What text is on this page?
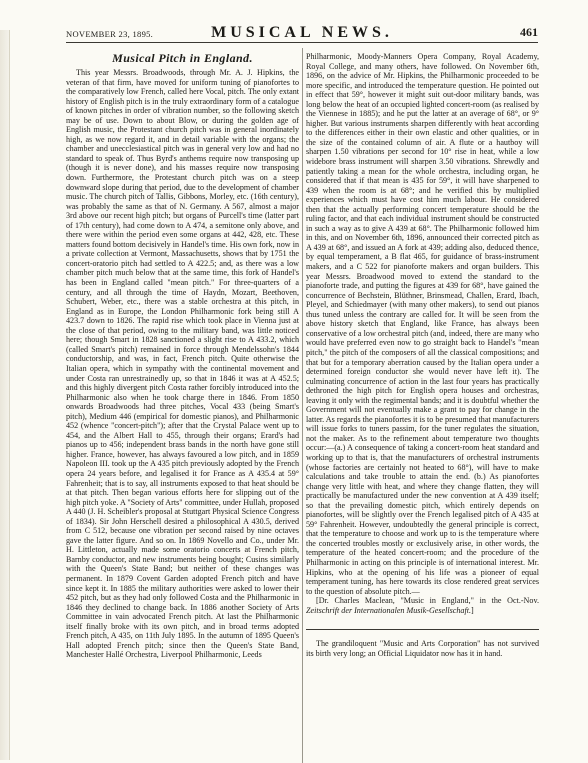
NOVEMBER 23, 1895.	MUSICAL NEWS.	461
Musical Pitch in England.

This year Messrs. Broadwoods, through Mr. A. J. Hipkins, the veteran of that firm, have moved for uniform tuning of pianofortes to the comparatively low French, called here Vocal, pitch. The only extant history of English pitch is in the truly extraordinary form of a catalogue of known pitches in order of vibration number, so the following sketch may be of use. Down to about Blow, or during the golden age of English music, the Protestant church pitch was in general inordinately high, as we now regard it, and in detail variable with the organs; the chamber and unecclesiastical pitch was in general very low and had no standard to speak of. Thus Byrd's anthems require now transposing up (though it is never done), and his masses require now transposing down. Furthermore, the Protestant church pitch was on a steep downward slope during that period, due to the development of chamber music. The church pitch of Tallis, Gibbons, Morley, etc. (16th century), was probably the same as that of N. Germany. A 567, almost a major 3rd above our recent high pitch; but organs of Purcell's time (latter part of 17th century), had come down to A 474, a semitone only above, and there were within the period even some organs at 442, 428, etc. These matters found bottom decisively in Handel's time. His own fork, now in a private collection at Vermont, Massachusetts, shows that by 1751 the concert-oratorio pitch had settled to A 422.5; and, as there was a low chamber pitch much below that at the same time, this fork of Handel's has been in England called "mean pitch." For three-quarters of a century, and all through the time of Haydn, Mozart, Beethoven, Schubert, Weber, etc., there was a stable orchestra at this pitch, in England as in Europe, the London Philharmonic fork being still A 423.7 down to 1826. The rapid rise which took place in Vienna just at the close of that period, owing to the military band, was little noticed here; though Smart in 1828 sanctioned a slight rise to A 433.2, which (called Smart's pitch) remained in force through Mendelssohn's 1844 conductorship, and was, in fact, French pitch. Quite otherwise the Italian opera, which in sympathy with the continental movement and under Costa ran unrestrainedly up, so that in 1846 it was at A 452.5; and this highly divergent pitch Costa rather forcibly introduced into the Philharmonic also when he took charge there in 1846. From 1850 onwards Broadwoods had three pitches, Vocal 433 (being Smart's pitch), Medium 446 (empirical for domestic pianos), and Philharmonic 452 (whence "concert-pitch"); after that the Crystal Palace went up to 454, and the Albert Hall to 455, through their organs; Erard's had pianos up to 456; independent brass bands in the north have gone still higher. France, however, has always favoured a low pitch, and in 1859 Napoleon III. took up the A 435 pitch previously adopted by the French opera 24 years before, and legalised it for France as A 435.4 at 59° Fahrenheit; that is to say, all instruments exposed to that heat should be at that pitch. Then began various efforts here for slipping out of the high pitch yoke. A "Society of Arts" committee, under Hullah, proposed A 440 (J. H. Scheibler's proposal at Stuttgart Physical Science Congress of 1834). Sir John Herschell desired a philosophical A 430.5, derived from C 512, because one vibration per second raised by nine octaves gave the latter figure. And so on. In 1869 Novello and Co., under Mr. H. Littleton, actually made some oratorio concerts at French pitch, Barnby conductor, and new instruments being bought; Cusins similarly with the Queen's State Band; but neither of these changes was permanent. In 1879 Covent Garden adopted French pitch and have since kept it. In 1885 the military authorities were asked to lower their 452 pitch, but as they had only followed Costa and the Philharmonic in 1846 they declined to change back. In 1886 another Society of Arts Committee in vain advocated French pitch. At last the Philharmonic itself finally broke with its own pitch, and in broad terms adopted French pitch, A 435, on 11th July 1895. In the autumn of 1895 Queen's Hall adopted French pitch; since then the Queen's State Band, Manchester Hallé Orchestra, Liverpool Philharmonic, Leeds

Philharmonic, Moody-Manners Opera Company, Royal Academy, Royal College, and many others, have followed. On November 6th, 1896, on the advice of Mr. Hipkins, the Philharmonic proceeded to be more specific, and introduced the temperature question. He pointed out in effect that 59°, however it might suit out-door military bands, was long below the heat of an occupied lighted concert-room (as realised by the Viennese in 1885); and he put the latter at an average of 68°, or 9° higher. But various instruments sharpen differently with heat according to the differences either in their own elastic and other qualities, or in the size of the contained column of air. A flute or a hautboy will sharpen 1.50 vibrations per second for 10° rise in heat, while a low wideborе brass instrument will sharpen 3.50 vibrations. Shrewdly and patiently taking a mean for the whole orchestra, including organ, he considered that if that mean is 435 for 59°, it will have sharpened to 439 when the room is at 68°; and he verified this by multiplied experiences which must have cost him much labour. He considered then that the actually performing concert temperature should be the ruling factor, and that each individual instrument should be constructed in such a way as to give A 439 at 68°. The Philharmonic followed him in this, and on November 6th, 1896, announced their corrected pitch as A 439 at 68°, and issued an A fork at 439; adding also, deduced thence, by equal temperament, a B flat 465, for guidance of brass-instrument makers, and a C 522 for pianoforte makers and organ builders. This year Messrs. Broadwood moved to extend the standard to the pianoforte trade, and putting the figures at 439 for 68°, have gained the concurrence of Bechstein, Blüthner, Brinsmead, Challen, Erard, Ibach, Pleyel, and Schiedmayer (with many other makers), to send out pianos thus tuned unless the contrary are called for. It will be seen from the above history sketch that England, like France, has always been conservative of a low orchestral pitch (and, indeed, there are many who would have preferred even now to go straight back to Handel's "mean pitch," the pitch of the composers of all the classical compositions; and that but for a temporary aberration caused by the Italian opera under a determined foreign conductor she would never have left it). The culminating concurrence of action in the last four years has practically dethroned the high pitch for English opera houses and orchestras, leaving it only with the regimental bands; and it is doubtful whether the Government will not eventually make a grant to pay for change in the latter. As regards the pianofortes it is to be presumed that manufacturers will issue forks to tuners passim, for the tuner regulates the situation, not the maker. As to the refinement about temperature two thoughts occur:—(a.) A consequence of taking a concert-room heat standard and working up to that is, that the manufacturers of orchestral instruments (whose factories are certainly not heated to 68°), will have to make calculations and take trouble to attain the end. (b.) As pianofortes change very little with heat, and where they change flatten, they will practically be manufactured under the new convention at A 439 itself; so that the prevailing domestic pitch, which entirely depends on pianofortes, will be slightly over the French legalised pitch of A 435 at 59° Fahrenheit. However, undoubtedly the general principle is correct, that the temperature to choose and work up to is the temperature where the concerted troubles mostly or exclusively arise, in other words, the temperature of the heated concert-room; and the procedure of the Philharmonic in acting on this principle is of international interest. Mr. Hipkins, who at the opening of his life was a pioneer of equal temperament tuning, has here towards its close rendered great services to the question of absolute pitch.—

[Dr. Charles Maclean, "Music in England," in the Oct.-Nov. Zeitschrift der Internationalen Musik-Gesellschaft.]

The grandiloquent "Music and Arts Corporation" has not survived its birth very long; an Official Liquidator now has it in hand.
